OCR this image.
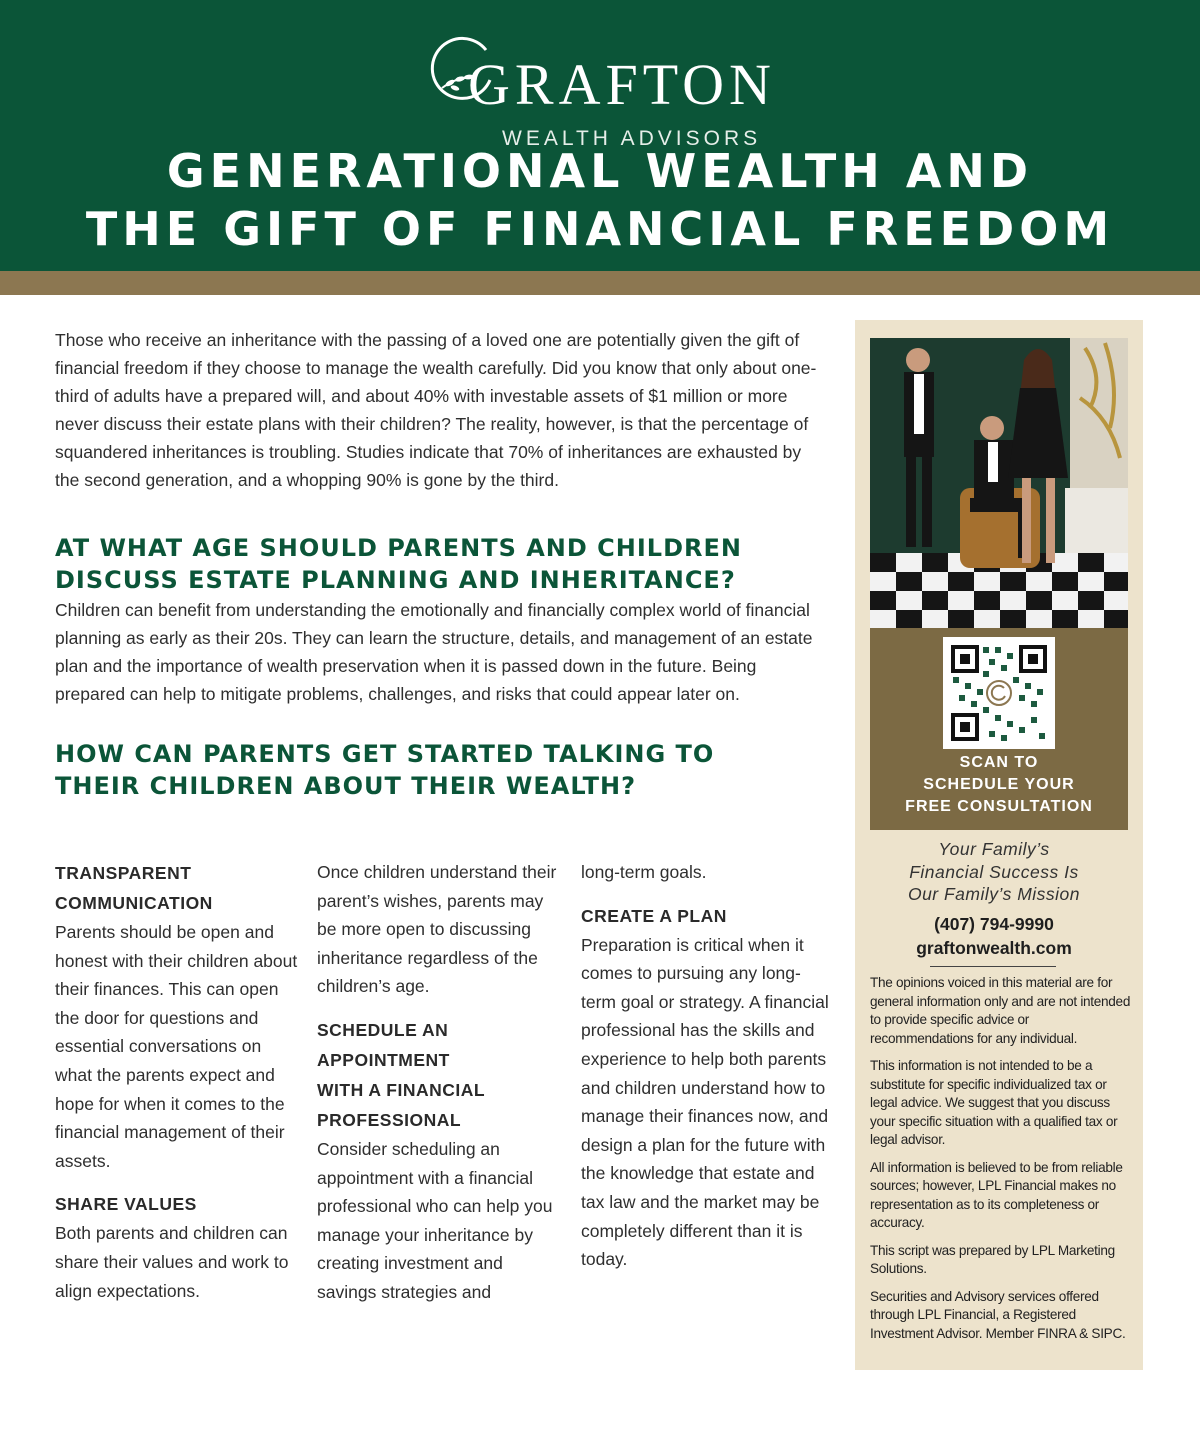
GRAFTON
WEALTH ADVISORS
GENERATIONAL WEALTH AND
THE GIFT OF FINANCIAL FREEDOM

Those who receive an inheritance with the passing of a loved one are potentially given the gift of financial freedom if they choose to manage the wealth carefully. Did you know that only about one-third of adults have a prepared will, and about 40% with investable assets of $1 million or more never discuss their estate plans with their children? The reality, however, is that the percentage of squandered inheritances is troubling. Studies indicate that 70% of inheritances are exhausted by the second generation, and a whopping 90% is gone by the third.

AT WHAT AGE SHOULD PARENTS AND CHILDREN
DISCUSS ESTATE PLANNING AND INHERITANCE?

Children can benefit from understanding the emotionally and financially complex world of financial planning as early as their 20s. They can learn the structure, details, and management of an estate plan and the importance of wealth preservation when it is passed down in the future. Being prepared can help to mitigate problems, challenges, and risks that could appear later on.

HOW CAN PARENTS GET STARTED TALKING TO
THEIR CHILDREN ABOUT THEIR WEALTH?
TRANSPARENT
COMMUNICATION

Parents should be open and honest with their children about their finances. This can open the door for questions and essential conversations on what the parents expect and hope for when it comes to the financial management of their assets.

SHARE VALUES

Both parents and children can share their values and work to align expectations.

Once children understand their parent’s wishes, parents may be more open to discussing inheritance regardless of the children’s age.

SCHEDULE AN
APPOINTMENT
WITH A FINANCIAL
PROFESSIONAL

Consider scheduling an appointment with a financial professional who can help you manage your inheritance by creating investment and savings strategies and

long-term goals.

CREATE A PLAN

Preparation is critical when it comes to pursuing any long-term goal or strategy. A financial professional has the skills and experience to help both parents and children understand how to manage their finances now, and design a plan for the future with the knowledge that estate and tax law and the market may be completely different than it is today.

SCAN TO
SCHEDULE YOUR
FREE CONSULTATION
Your Family’s
Financial Success Is
Our Family’s Mission
(407) 794-9990
graftonwealth.com

The opinions voiced in this material are for general information only and are not intended to provide specific advice or recommendations for any individual.

This information is not intended to be a substitute for specific individualized tax or legal advice. We suggest that you discuss your specific situation with a qualified tax or legal advisor.

All information is believed to be from reliable sources; however, LPL Financial makes no representation as to its completeness or accuracy.

This script was prepared by LPL Marketing Solutions.

Securities and Advisory services offered through LPL Financial, a Registered Investment Advisor. Member FINRA & SIPC.
